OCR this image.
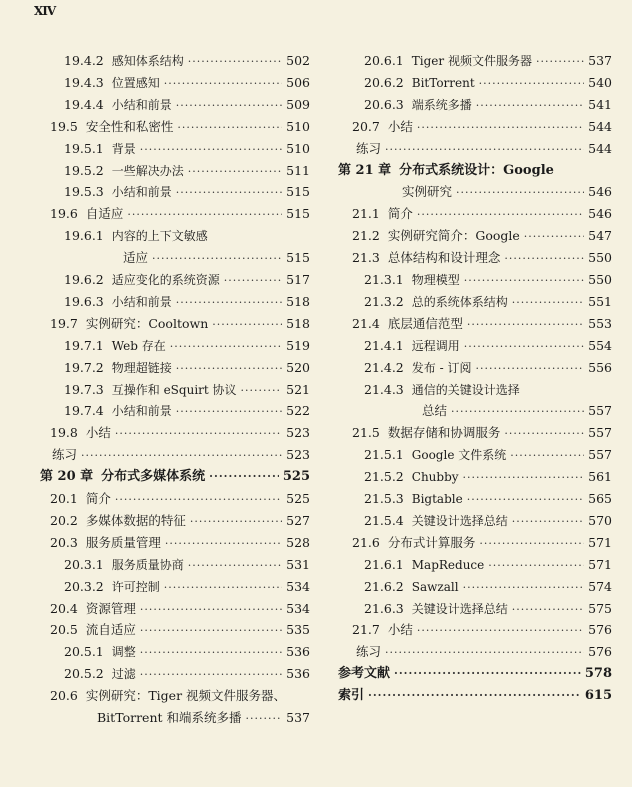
XIV
19.4.2 感知体系结构 ·····	502
19.4.3 位置感知 ·····	506
19.4.4 小结和前景 ·····	509
19.5 安全性和私密性 ·····	510
19.5.1 背景 ·····	510
19.5.2 一些解决办法 ·····	511
19.5.3 小结和前景 ·····	515
19.6 自适应 ·····	515
19.6.1 内容的上下文敏感
适应 ·····	515
19.6.2 适应变化的系统资源 ·····	517
19.6.3 小结和前景 ·····	518
19.7 实例研究：Cooltown ·····	518
19.7.1 Web 存在 ·····	519
19.7.2 物理超链接 ·····	520
19.7.3 互操作和 eSquirt 协议 ·····	521
19.7.4 小结和前景 ·····	522
19.8 小结 ·····	523
练习 ·····	523
第 20 章 分布式多媒体系统 ·····	525
20.1 简介 ·····	525
20.2 多媒体数据的特征 ·····	527
20.3 服务质量管理 ·····	528
20.3.1 服务质量协商 ·····	531
20.3.2 许可控制 ·····	534
20.4 资源管理 ·····	534
20.5 流自适应 ·····	535
20.5.1 调整 ·····	536
20.5.2 过滤 ·····	536
20.6 实例研究：Tiger 视频文件服务器、
BitTorrent 和端系统多播 ·····	537
20.6.1 Tiger 视频文件服务器 ·····	537
20.6.2 BitTorrent ·····	540
20.6.3 端系统多播 ·····	541
20.7 小结 ·····	544
练习 ·····	544
第 21 章 分布式系统设计：Google
实例研究 ·····	546
21.1 简介 ·····	546
21.2 实例研究简介：Google ·····	547
21.3 总体结构和设计理念 ·····	550
21.3.1 物理模型 ·····	550
21.3.2 总的系统体系结构 ·····	551
21.4 底层通信范型 ·····	553
21.4.1 远程调用 ·····	554
21.4.2 发布 - 订阅 ·····	556
21.4.3 通信的关键设计选择
总结 ·····	557
21.5 数据存储和协调服务 ·····	557
21.5.1 Google 文件系统 ·····	557
21.5.2 Chubby ·····	561
21.5.3 Bigtable ·····	565
21.5.4 关键设计选择总结 ·····	570
21.6 分布式计算服务 ·····	571
21.6.1 MapReduce ·····	571
21.6.2 Sawzall ·····	574
21.6.3 关键设计选择总结 ·····	575
21.7 小结 ·····	576
练习 ·····	576
参考文献 ·····	578
索引 ·····	615
